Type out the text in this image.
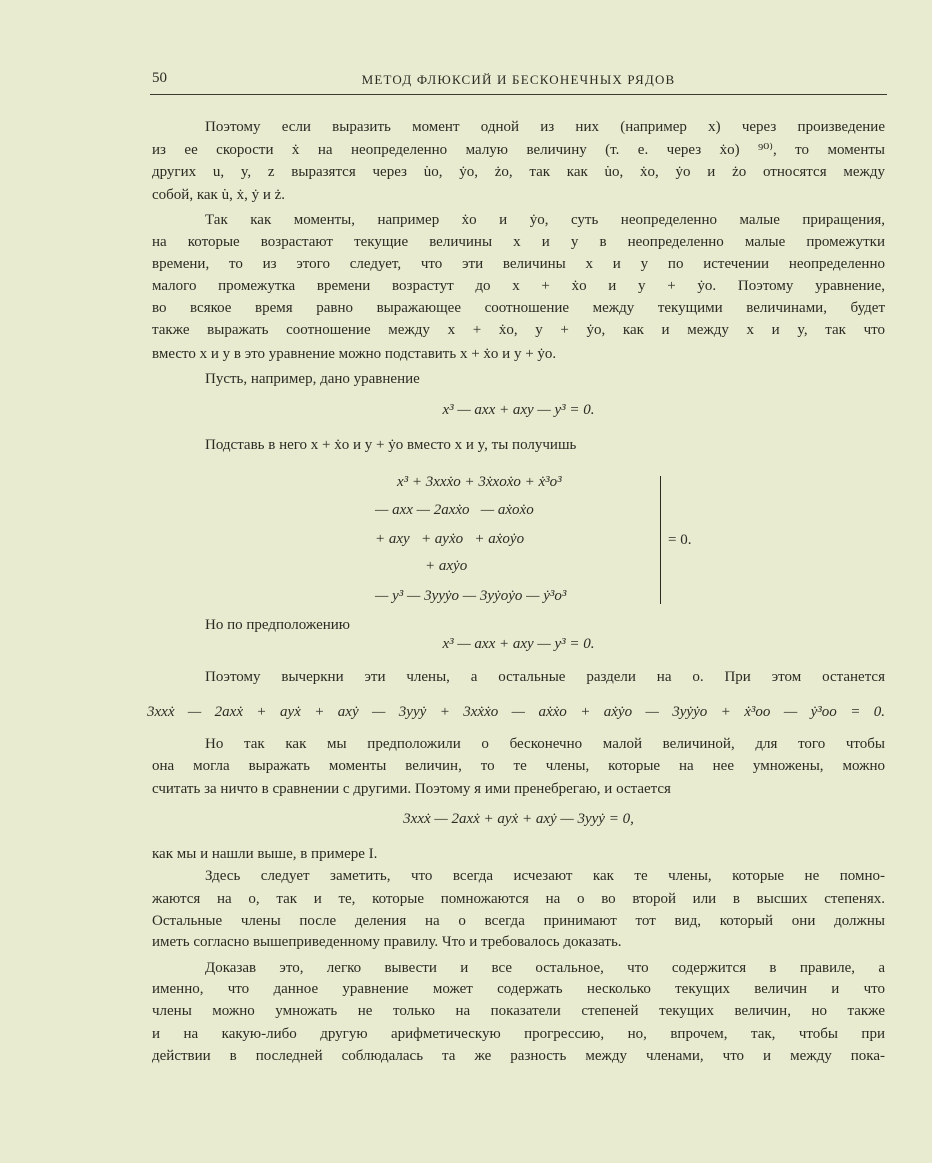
50	МЕТОД ФЛЮКСИЙ И БЕСКОНЕЧНЫХ РЯДОВ
Поэтому если выразить момент одной из них (например x) через произведение
из ее скорости ẋ на неопределенно малую величину (т. е. через ẋo) ⁹⁰⁾, то моменты
других u, y, z выразятся через u̇o, ẏo, żo, так как u̇o, ẋo, ẏo и żo относятся между
собой, как u̇, ẋ, ẏ и ż.
Так как моменты, например ẋo и ẏo, суть неопределенно малые приращения,
на которые возрастают текущие величины x и y в неопределенно малые промежутки
времени, то из этого следует, что эти величины x и y по истечении неопределенно
малого промежутка времени возрастут до x + ẋo и y + ẏo. Поэтому уравнение,
во всякое время равно выражающее соотношение между текущими величинами, будет
также выражать соотношение между x + ẋo, y + ẏo, как и между x и y, так что
вместо x и y в это уравнение можно подставить x + ẋo и y + ẏo.
Пусть, например, дано уравнение
x³ — axx + axy — y³ = 0.
Подставь в него x + ẋo и y + ẏo вместо x и y, ты получишь
Но по предположению
x³ — axx + axy — y³ = 0.
Поэтому вычеркни эти члены, а остальные раздели на o. При этом останется
3xxẋ — 2axẋ + ayẋ + axẏ — 3yyẏ + 3xẋẋo — aẋẋo + aẋẏo — 3yẏẏo + ẋ³oo — ẏ³oo = 0.
Но так как мы предположили o бесконечно малой величиной, для того чтобы
она могла выражать моменты величин, то те члены, которые на нее умножены, можно
считать за ничто в сравнении с другими. Поэтому я ими пренебрегаю, и остается
3xxẋ — 2axẋ + ayẋ + axẏ — 3yyẏ = 0,
как мы и нашли выше, в примере I.
Здесь следует заметить, что всегда исчезают как те члены, которые не помно-
жаются на o, так и те, которые помножаются на o во второй или в высших степенях.
Остальные члены после деления на o всегда принимают тот вид, который они должны
иметь согласно вышеприведенному правилу. Что и требовалось доказать.
Доказав это, легко вывести и все остальное, что содержится в правиле, а
именно, что данное уравнение может содержать несколько текущих величин и что
члены можно умножать не только на показатели степеней текущих величин, но также
и на какую-либо другую арифметическую прогрессию, но, впрочем, так, чтобы при
действии в последней соблюдалась та же разность между членами, что и между пока-
= 0.
x³ + 3xxẋo + 3ẋxoẋo + ẋ³o³
— axx — 2axẋo   — aẋoẋo
+ axy   + ayẋo   + aẋoẏo
+ axẏo
— y³ — 3yyẏo — 3yẏoẏo — ẏ³o³
